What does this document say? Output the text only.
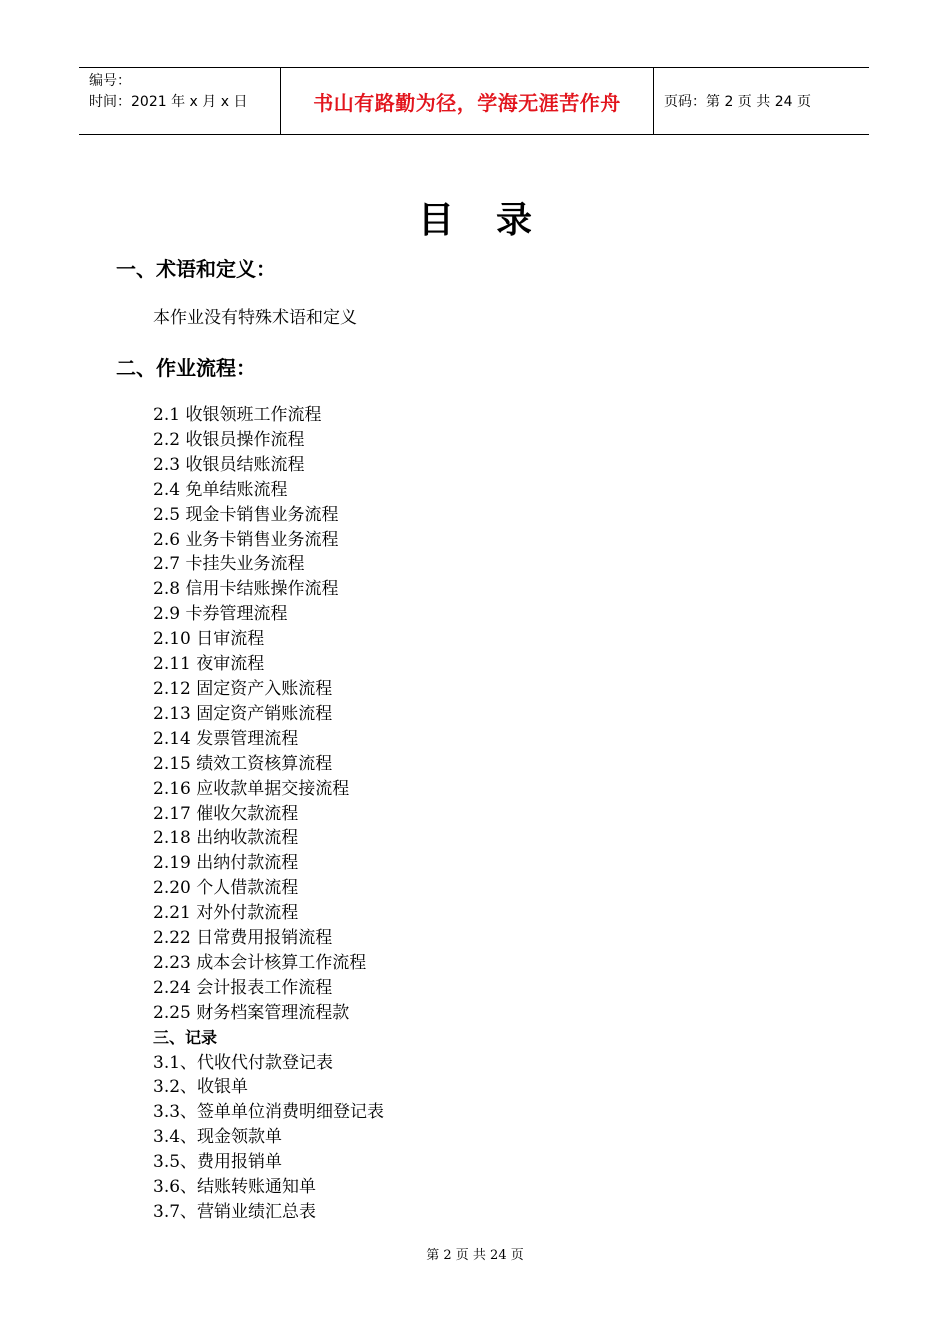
编号：
时间：2021 年 x 月 x 日	书山有路勤为径，学海无涯苦作舟	页码：第 2 页 共 24 页
目录
一、术语和定义：
本作业没有特殊术语和定义
二、作业流程：
2.1 收银领班工作流程
2.2 收银员操作流程
2.3 收银员结账流程
2.4 免单结账流程
2.5 现金卡销售业务流程
2.6 业务卡销售业务流程
2.7 卡挂失业务流程
2.8 信用卡结账操作流程
2.9 卡券管理流程
2.10 日审流程
2.11 夜审流程
2.12 固定资产入账流程
2.13 固定资产销账流程
2.14 发票管理流程
2.15 绩效工资核算流程
2.16 应收款单据交接流程
2.17 催收欠款流程
2.18 出纳收款流程
2.19 出纳付款流程
2.20 个人借款流程
2.21 对外付款流程
2.22 日常费用报销流程
2.23 成本会计核算工作流程
2.24 会计报表工作流程
2.25 财务档案管理流程款
三、记录
3.1、代收代付款登记表
3.2、收银单
3.3、签单单位消费明细登记表
3.4、现金领款单
3.5、费用报销单
3.6、结账转账通知单
3.7、营销业绩汇总表
第 2 页 共 24 页
